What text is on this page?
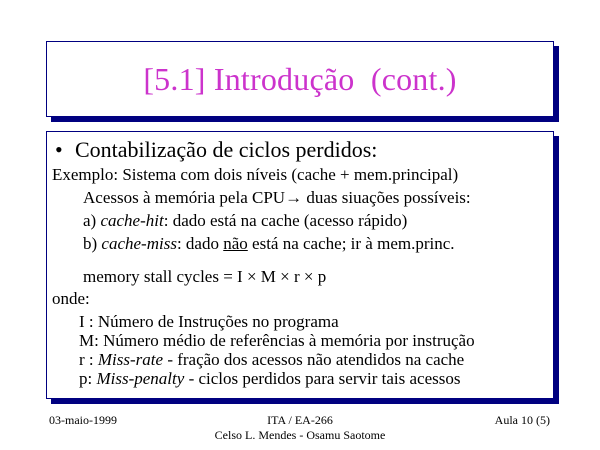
[5.1] Introdução  (cont.)
• Contabilização de ciclos perdidos:
Exemplo: Sistema com dois níveis (cache + mem.principal)
Acessos à memória pela CPU→ duas siuações possíveis:
a) cache-hit: dado está na cache (acesso rápido)
b) cache-miss: dado não está na cache; ir à mem.princ.
memory stall cycles = I × M × r × p
onde:
I : Número de Instruções no programa
M: Número médio de referências à memória por instrução
r : Miss-rate - fração dos acessos não atendidos na cache
p: Miss-penalty - ciclos perdidos para servir tais acessos
03-maio-1999	ITA / EA-266
Celso L. Mendes - Osamu Saotome
Aula 10 (5)
